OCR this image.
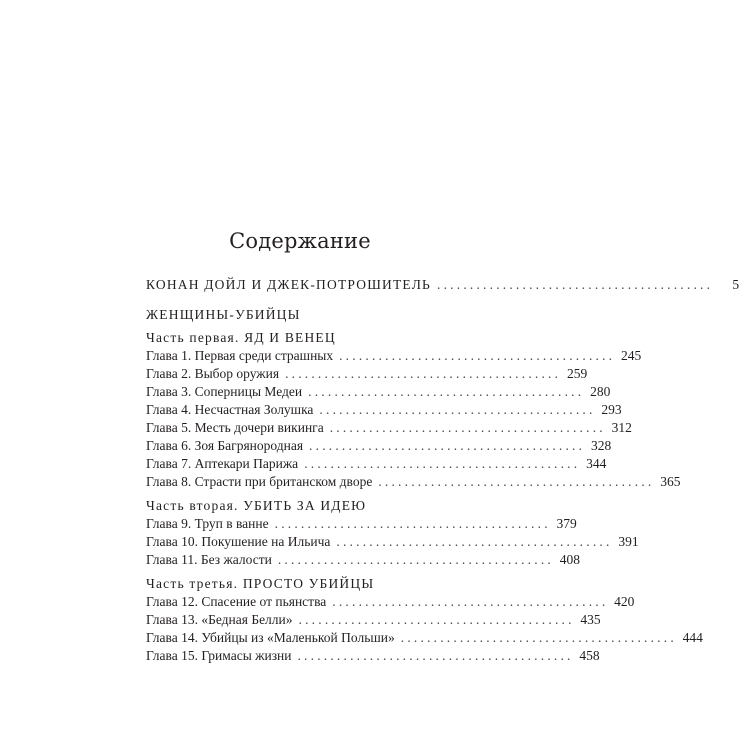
Содержание
КОНАН ДОЙЛ И ДЖЕК-ПОТРОШИТЕЛЬ ..........................................	5
ЖЕНЩИНЫ-УБИЙЦЫ
Часть первая. ЯД И ВЕНЕЦ
Глава 1. Первая среди страшных .......................................... 245
Глава 2. Выбор оружия .......................................... 259
Глава 3. Соперницы Медеи .......................................... 280
Глава 4. Несчастная Золушка .......................................... 293
Глава 5. Месть дочери викинга .......................................... 312
Глава 6. Зоя Багрянородная .......................................... 328
Глава 7. Аптекари Парижа .......................................... 344
Глава 8. Страсти при британском дворе .......................................... 365
Часть вторая. УБИТЬ ЗА ИДЕЮ
Глава 9. Труп в ванне .......................................... 379
Глава 10. Покушение на Ильича .......................................... 391
Глава 11. Без жалости .......................................... 408
Часть третья. ПРОСТО УБИЙЦЫ
Глава 12. Спасение от пьянства .......................................... 420
Глава 13. «Бедная Белли» .......................................... 435
Глава 14. Убийцы из «Маленькой Польши» .......................................... 444
Глава 15. Гримасы жизни .......................................... 458
